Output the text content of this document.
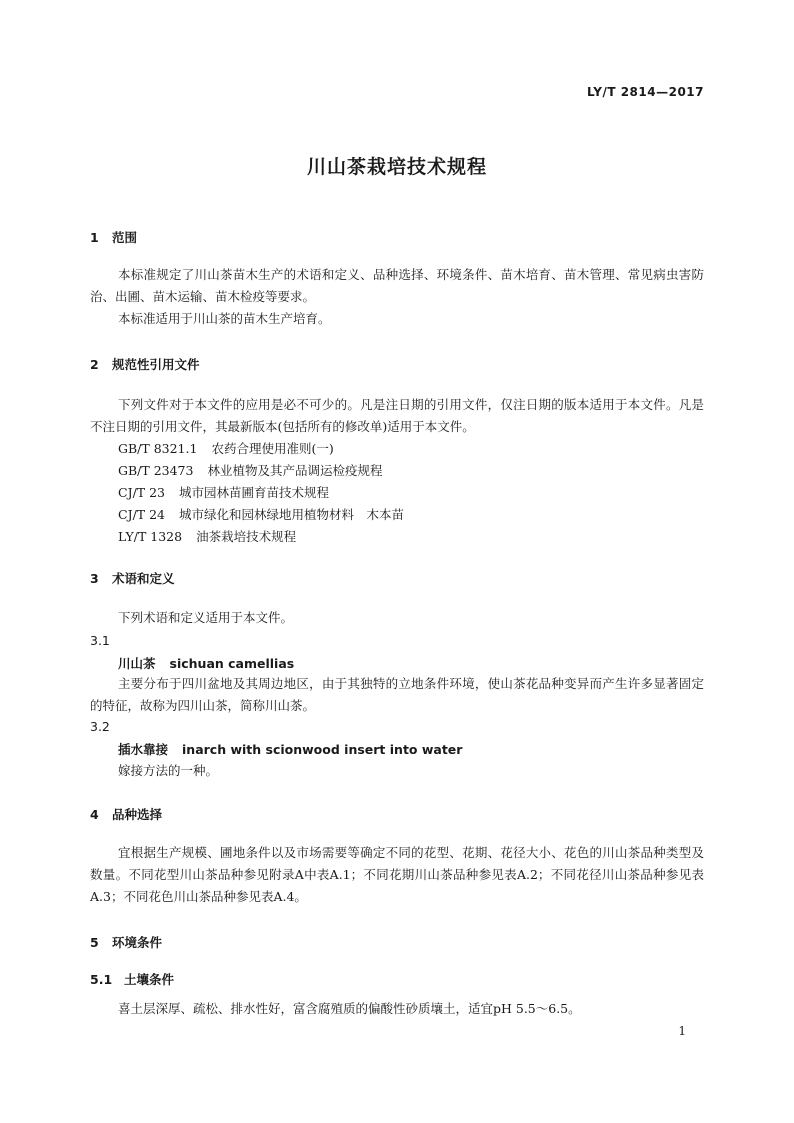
LY/T 2814—2017
川山茶栽培技术规程
1 范围
本标准规定了川山茶苗木生产的术语和定义、品种选择、环境条件、苗木培育、苗木管理、常见病虫害防治、出圃、苗木运输、苗木检疫等要求。
本标准适用于川山茶的苗木生产培育。
2 规范性引用文件
下列文件对于本文件的应用是必不可少的。凡是注日期的引用文件，仅注日期的版本适用于本文件。凡是不注日期的引用文件，其最新版本(包括所有的修改单)适用于本文件。
GB/T 8321.1 农药合理使用准则(一)
GB/T 23473 林业植物及其产品调运检疫规程
CJ/T 23 城市园林苗圃育苗技术规程
CJ/T 24 城市绿化和园林绿地用植物材料　木本苗
LY/T 1328 油茶栽培技术规程
3 术语和定义
下列术语和定义适用于本文件。
3.1
川山茶 sichuan camellias
主要分布于四川盆地及其周边地区，由于其独特的立地条件环境，使山茶花品种变异而产生许多显著固定的特征，故称为四川山茶，简称川山茶。
3.2
插水靠接 inarch with scionwood insert into water
嫁接方法的一种。
4 品种选择
宜根据生产规模、圃地条件以及市场需要等确定不同的花型、花期、花径大小、花色的川山茶品种类型及数量。不同花型川山茶品种参见附录A中表A.1；不同花期川山茶品种参见表A.2；不同花径川山茶品种参见表A.3；不同花色川山茶品种参见表A.4。
5 环境条件
5.1 土壤条件
喜土层深厚、疏松、排水性好，富含腐殖质的偏酸性砂质壤土，适宜pH 5.5～6.5。
1
